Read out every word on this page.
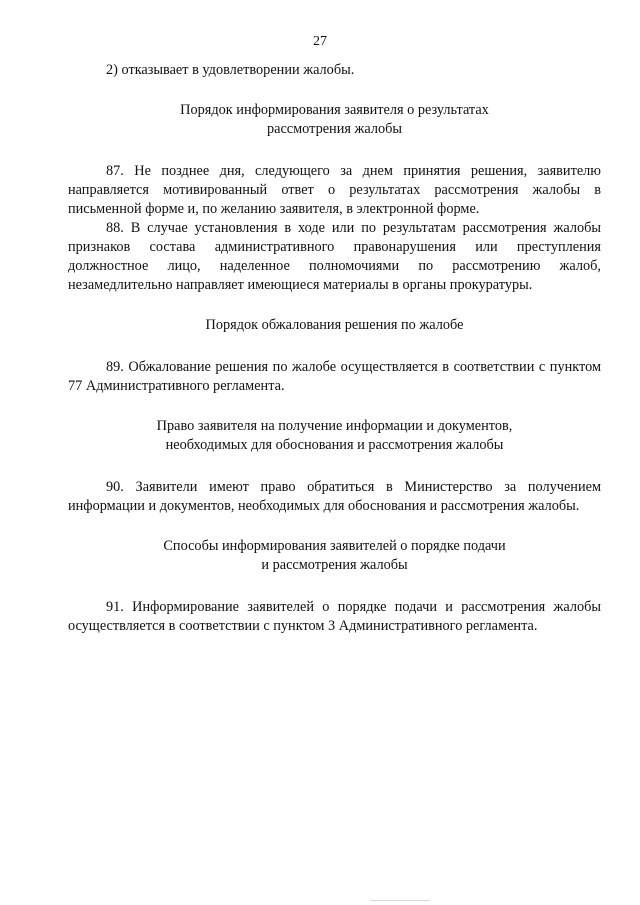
27

2) отказывает в удовлетворении жалобы.

Порядок информирования заявителя о результатах
рассмотрения жалобы

87. Не позднее дня, следующего за днем принятия решения, заявителю направляется мотивированный ответ о результатах рассмотрения жалобы в письменной форме и, по желанию заявителя, в электронной форме.

88. В случае установления в ходе или по результатам рассмотрения жалобы признаков состава административного правонарушения или преступления должностное лицо, наделенное полномочиями по рассмотрению жалоб, незамедлительно направляет имеющиеся материалы в органы прокуратуры.

Порядок обжалования решения по жалобе

89. Обжалование решения по жалобе осуществляется в соответствии с пунктом 77 Административного регламента.

Право заявителя на получение информации и документов,
необходимых для обоснования и рассмотрения жалобы

90. Заявители имеют право обратиться в Министерство за получением информации и документов, необходимых для обоснования и рассмотрения жалобы.

Способы информирования заявителей о порядке подачи
и рассмотрения жалобы

91. Информирование заявителей о порядке подачи и рассмотрения жалобы осуществляется в соответствии с пунктом 3 Административного регламента.
